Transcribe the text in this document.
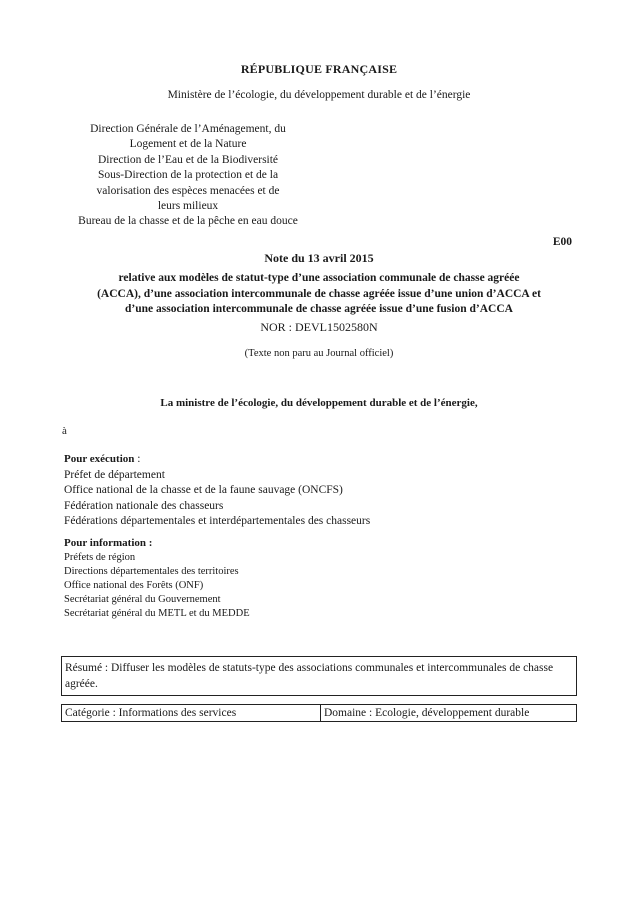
RÉPUBLIQUE FRANÇAISE
Ministère de l’écologie, du développement durable et de l’énergie
Direction Générale de l’Aménagement, du
Logement et de la Nature
Direction de l’Eau et de la Biodiversité
Sous-Direction de la protection et de la
valorisation des espèces menacées et de
leurs milieux
Bureau de la chasse et de la pêche en eau douce
E00
Note du 13 avril 2015
relative aux modèles de statut-type d’une association communale de chasse agréée
(ACCA), d’une association intercommunale de chasse agréée issue d’une union d’ACCA et
d’une association intercommunale de chasse agréée issue d’une fusion d’ACCA
NOR : DEVL1502580N
(Texte non paru au Journal officiel)
La ministre de l’écologie, du développement durable et de l’énergie,
à
Pour exécution :
Préfet de département
Office national de la chasse et de la faune sauvage (ONCFS)
Fédération nationale des chasseurs
Fédérations départementales et interdépartementales des chasseurs
Pour information :
Préfets de région
Directions départementales des territoires
Office national des Forêts (ONF)
Secrétariat général du Gouvernement
Secrétariat général du METL et du MEDDE
Résumé : Diffuser les modèles de statuts-type des associations communales et intercommunales de chasse agréée.
Catégorie : Informations des services	Domaine : Ecologie, développement durable
